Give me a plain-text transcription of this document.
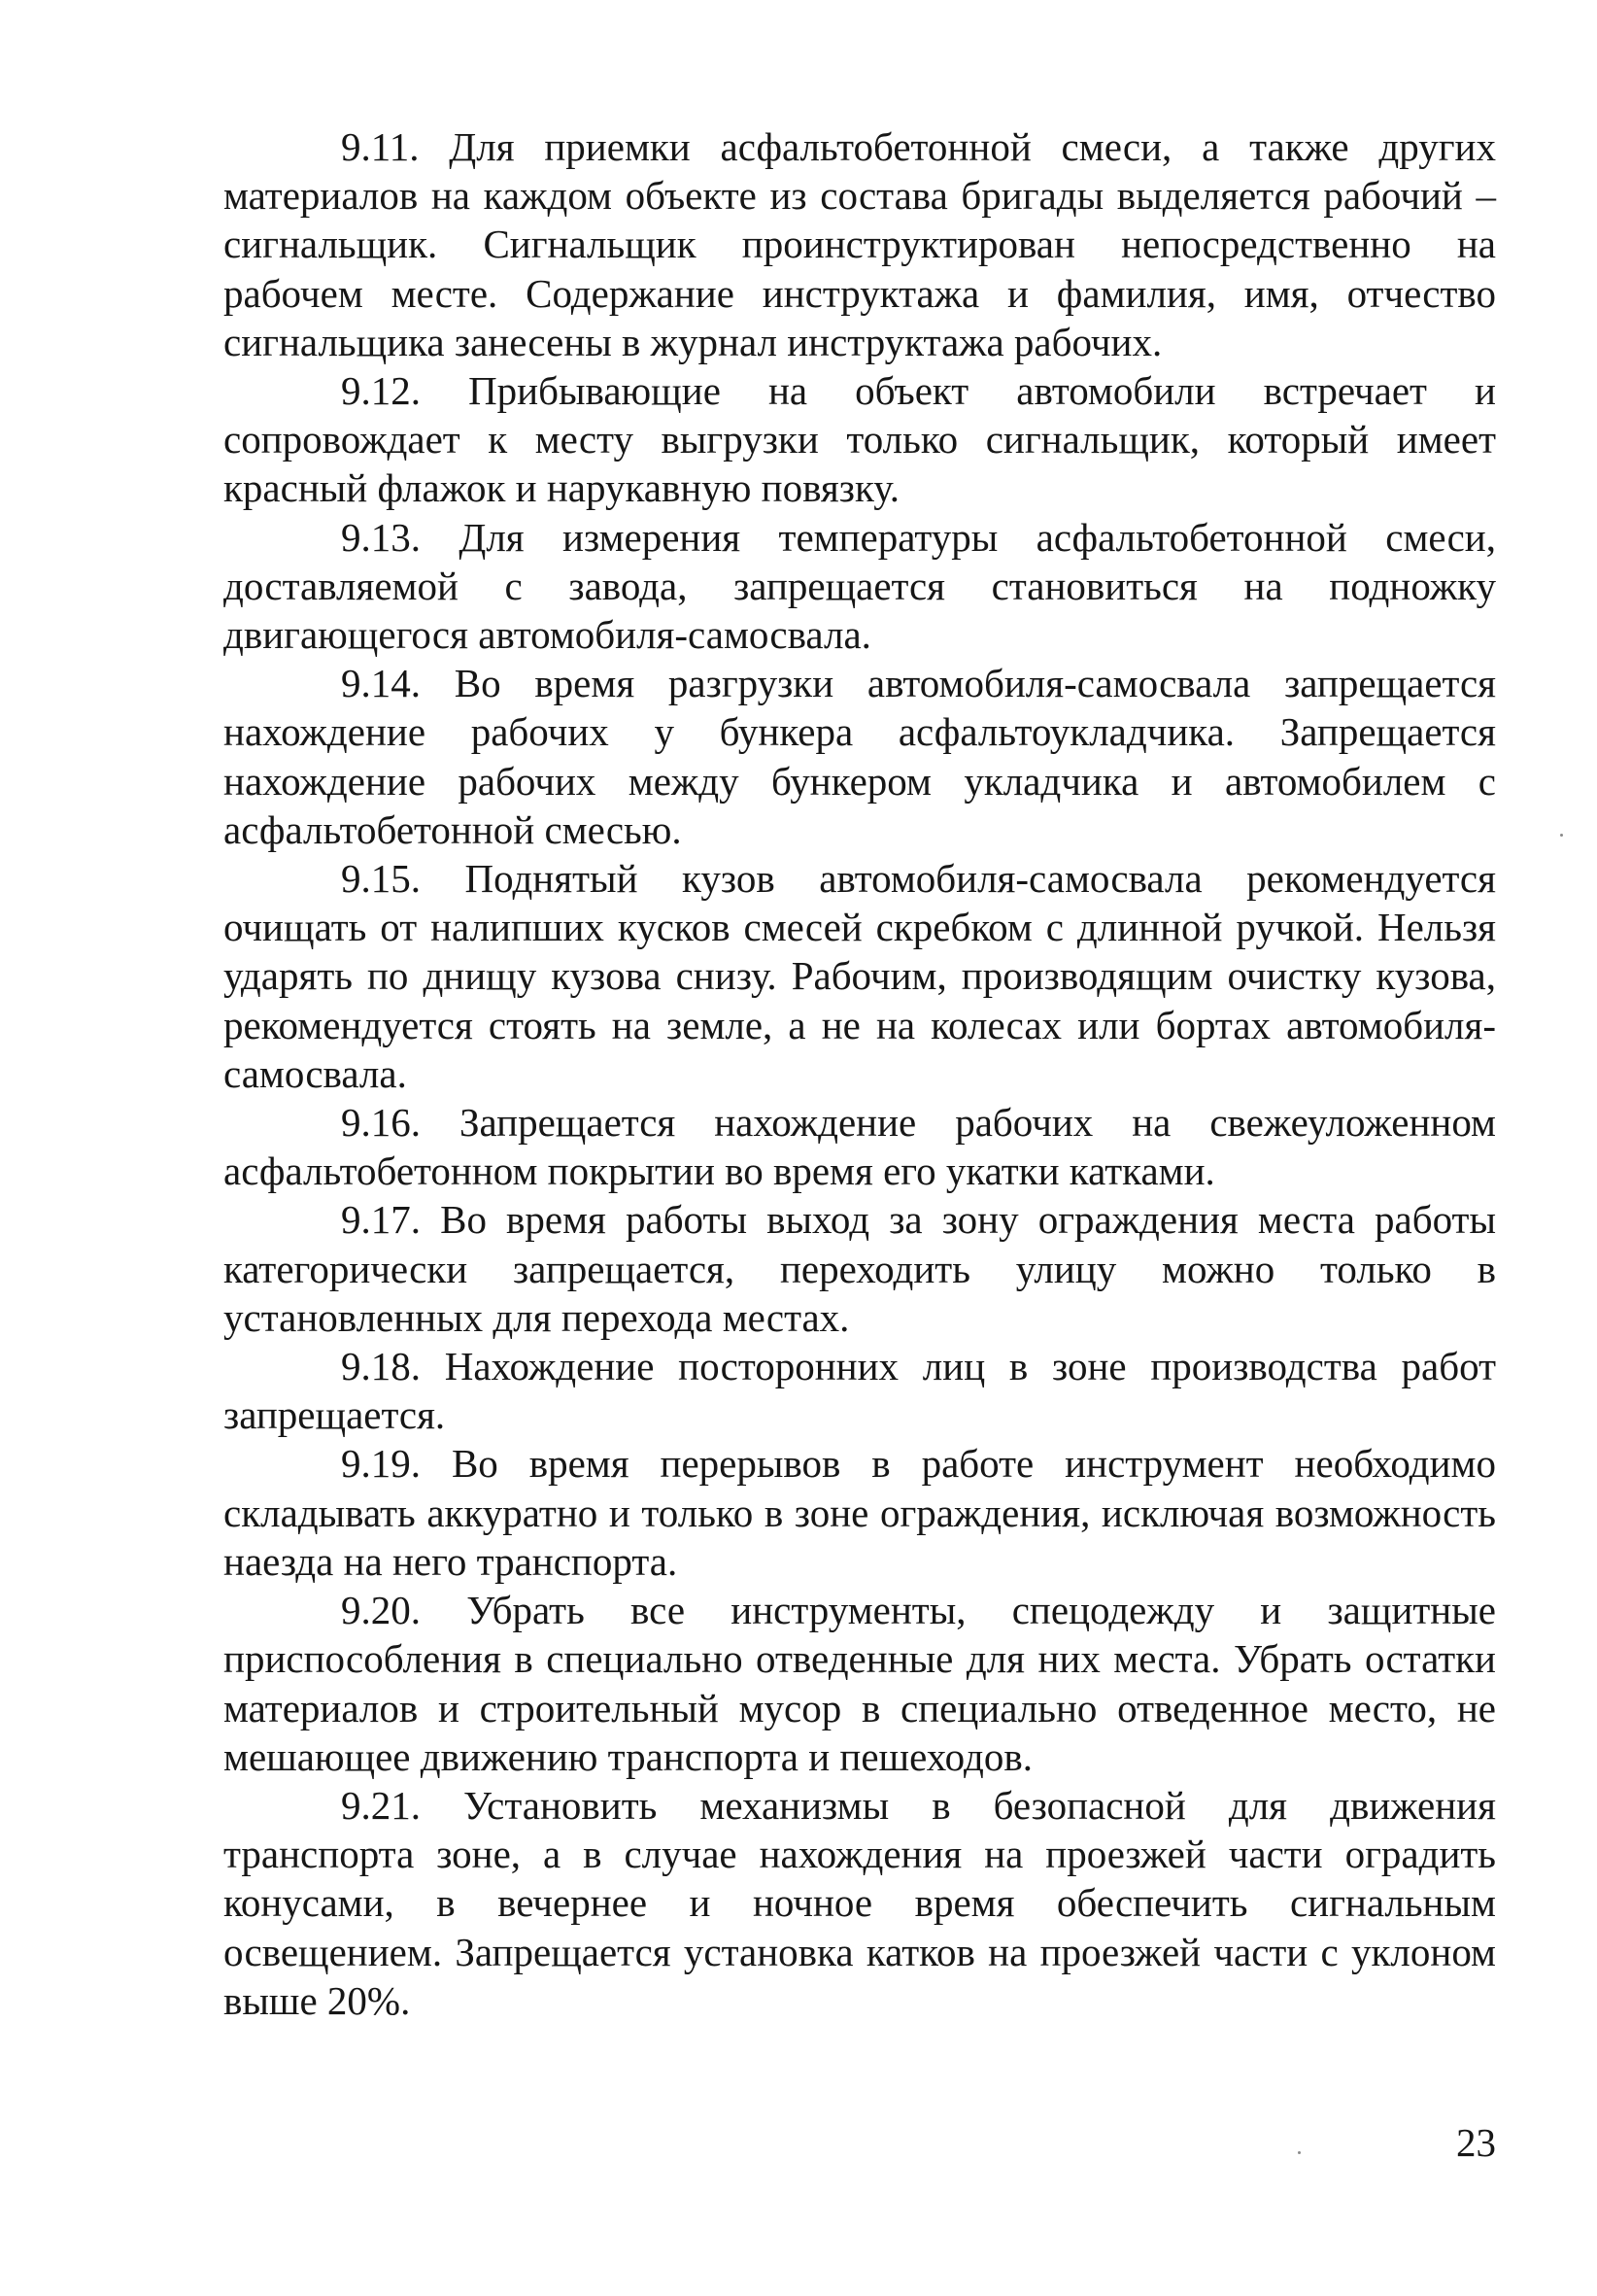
9.11. Для приемки асфальтобетонной смеси, а также других материалов на каждом объекте из состава бригады выделяется рабочий – сигнальщик. Сигнальщик проинструктирован непосредственно на рабочем месте. Содержание инструктажа и фамилия, имя, отчество сигнальщика занесены в журнал инструктажа рабочих.

9.12. Прибывающие на объект автомобили встречает и сопровождает к месту выгрузки только сигнальщик, который имеет красный флажок и нарукавную повязку.

9.13. Для измерения температуры асфальтобетонной смеси, доставляемой с завода, запрещается становиться на подножку двигающегося автомобиля-самосвала.

9.14. Во время разгрузки автомобиля-самосвала запрещается нахождение рабочих у бункера асфальтоукладчика. Запрещается нахождение рабочих между бункером укладчика и автомобилем с асфальтобетонной смесью.

9.15. Поднятый кузов автомобиля-самосвала рекомендуется очищать от налипших кусков смесей скребком с длинной ручкой. Нельзя ударять по днищу кузова снизу. Рабочим, производящим очистку кузова, рекомендуется стоять на земле, а не на колесах или бортах автомобиля-самосвала.

9.16. Запрещается нахождение рабочих на свежеуложенном асфальтобетонном покрытии во время его укатки катками.

9.17. Во время работы выход за зону ограждения места работы категорически запрещается, переходить улицу можно только в установленных для перехода местах.

9.18. Нахождение посторонних лиц в зоне производства работ запрещается.

9.19. Во время перерывов в работе инструмент необходимо складывать аккуратно и только в зоне ограждения, исключая возможность наезда на него транспорта.

9.20. Убрать все инструменты, спецодежду и защитные приспособления в специально отведенные для них места. Убрать остатки материалов и строительный мусор в специально отведенное место, не мешающее движению транспорта и пешеходов.

9.21. Установить механизмы в безопасной для движения транспорта зоне, а в случае нахождения на проезжей части оградить конусами, в вечернее и ночное время обеспечить сигнальным освещением. Запрещается установка катков на проезжей части с уклоном выше 20%.

23
